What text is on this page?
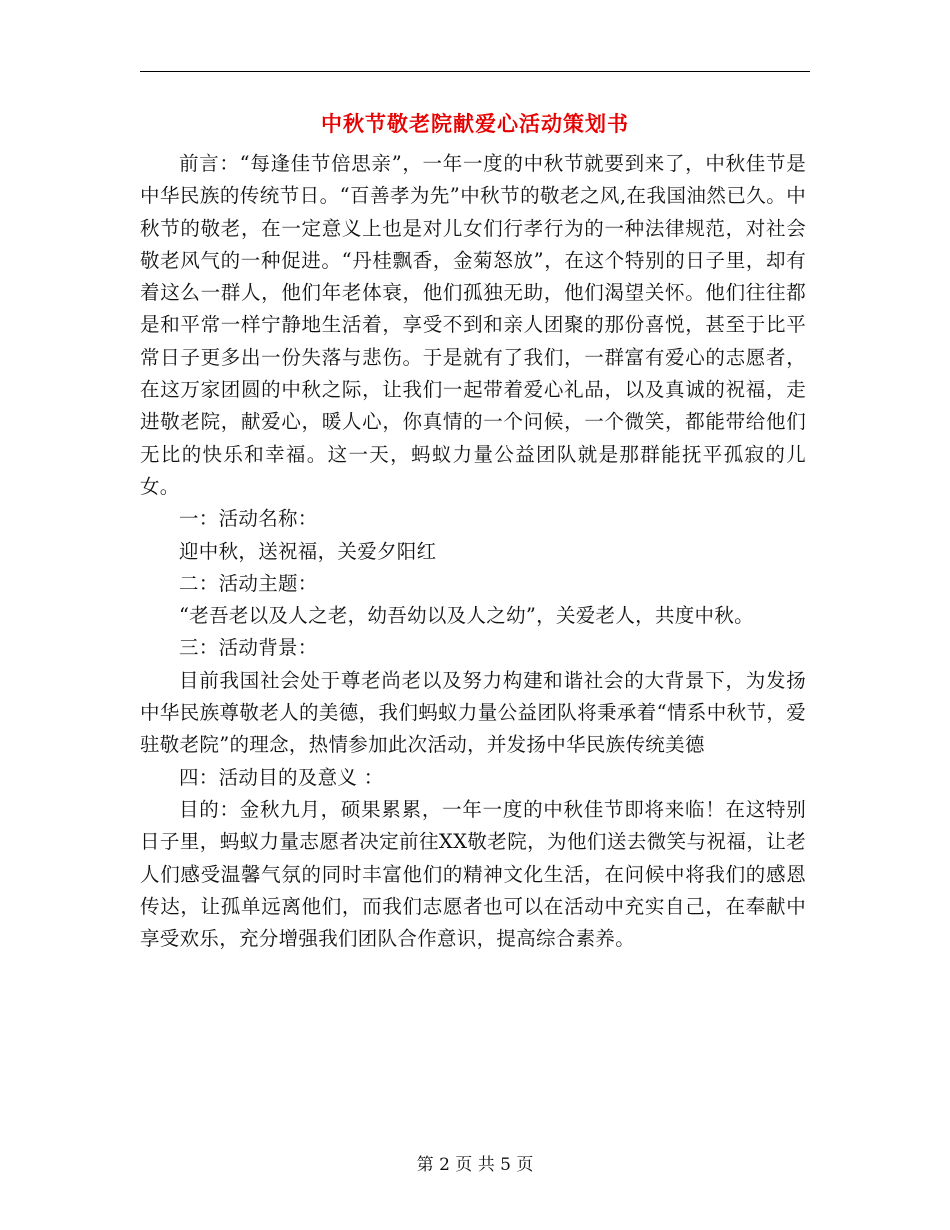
中秋节敬老院献爱心活动策划书

前言：“每逢佳节倍思亲”，一年一度的中秋节就要到来了，中秋佳节是中华民族的传统节日。“百善孝为先”中秋节的敬老之风,在我国油然已久。中秋节的敬老，在一定意义上也是对儿女们行孝行为的一种法律规范，对社会敬老风气的一种促进。“丹桂飘香，金菊怒放”，在这个特别的日子里，却有着这么一群人，他们年老体衰，他们孤独无助，他们渴望关怀。他们往往都是和平常一样宁静地生活着，享受不到和亲人团聚的那份喜悦，甚至于比平常日子更多出一份失落与悲伤。于是就有了我们，一群富有爱心的志愿者，在这万家团圆的中秋之际，让我们一起带着爱心礼品，以及真诚的祝福，走进敬老院，献爱心，暖人心，你真情的一个问候，一个微笑，都能带给他们无比的快乐和幸福。这一天，蚂蚁力量公益团队就是那群能抚平孤寂的儿女。

一：活动名称：

迎中秋，送祝福，关爱夕阳红

二：活动主题：

“老吾老以及人之老，幼吾幼以及人之幼”，关爱老人，共度中秋。

三：活动背景：

目前我国社会处于尊老尚老以及努力构建和谐社会的大背景下，为发扬中华民族尊敬老人的美德，我们蚂蚁力量公益团队将秉承着“情系中秋节，爱驻敬老院”的理念，热情参加此次活动，并发扬中华民族传统美德

四：活动目的及意义 ：

目的：金秋九月，硕果累累，一年一度的中秋佳节即将来临！在这特别日子里，蚂蚁力量志愿者决定前往XX敬老院，为他们送去微笑与祝福，让老人们感受温馨气氛的同时丰富他们的精神文化生活，在问候中将我们的感恩传达，让孤单远离他们，而我们志愿者也可以在活动中充实自己，在奉献中享受欢乐，充分增强我们团队合作意识，提高综合素养。

第 2 页 共 5 页
